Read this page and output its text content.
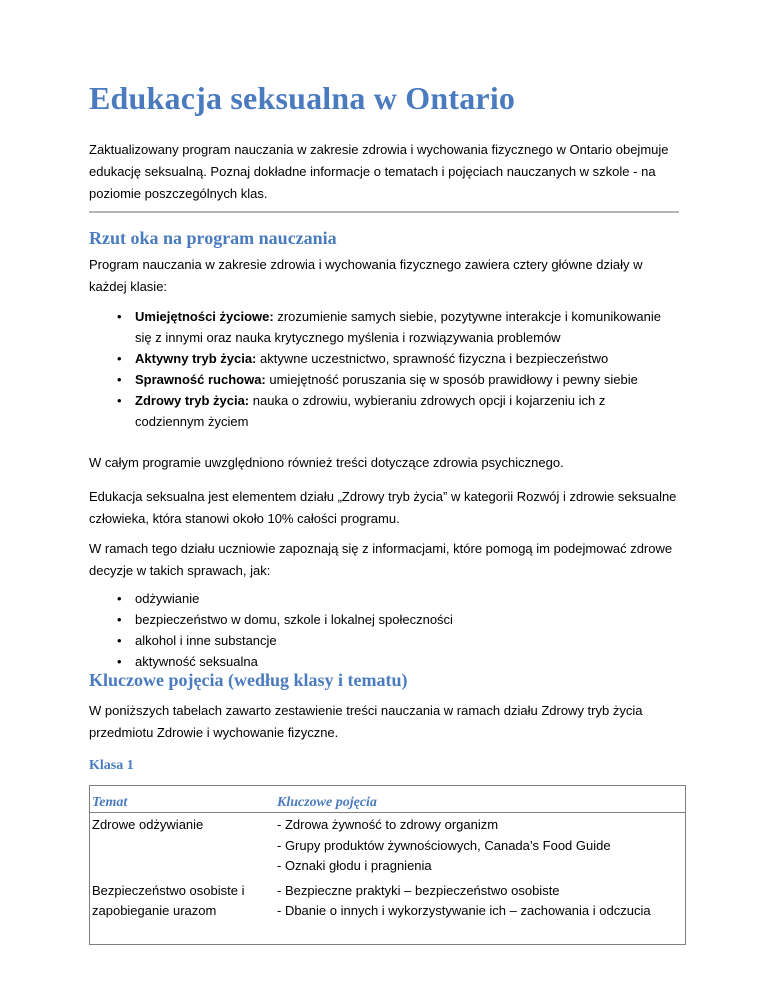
Edukacja seksualna w Ontario

Zaktualizowany program nauczania w zakresie zdrowia i wychowania fizycznego w Ontario obejmuje edukację seksualną. Poznaj dokładne informacje o tematach i pojęciach nauczanych w szkole - na poziomie poszczególnych klas.

Rzut oka na program nauczania

Program nauczania w zakresie zdrowia i wychowania fizycznego zawiera cztery główne działy w każdej klasie:

• Umiejętności życiowe: zrozumienie samych siebie, pozytywne interakcje i komunikowanie się z innymi oraz nauka krytycznego myślenia i rozwiązywania problemów
• Aktywny tryb życia: aktywne uczestnictwo, sprawność fizyczna i bezpieczeństwo
• Sprawność ruchowa: umiejętność poruszania się w sposób prawidłowy i pewny siebie
• Zdrowy tryb życia: nauka o zdrowiu, wybieraniu zdrowych opcji i kojarzeniu ich z codziennym życiem

W całym programie uwzględniono również treści dotyczące zdrowia psychicznego.

Edukacja seksualna jest elementem działu „Zdrowy tryb życia” w kategorii Rozwój i zdrowie seksualne człowieka, która stanowi około 10% całości programu.

W ramach tego działu uczniowie zapoznają się z informacjami, które pomogą im podejmować zdrowe decyzje w takich sprawach, jak:

• odżywianie
• bezpieczeństwo w domu, szkole i lokalnej społeczności
• alkohol i inne substancje
• aktywność seksualna
Kluczowe pojęcia (według klasy i tematu)

W poniższych tabelach zawarto zestawienie treści nauczania w ramach działu Zdrowy tryb życia przedmiotu Zdrowie i wychowanie fizyczne.

Klasa 1
Temat		Kluczowe pojęcia
Zdrowe odżywianie		- Zdrowa żywność to zdrowy organizm
- Grupy produktów żywnościowych, Canada’s Food Guide
- Oznaki głodu i pragnienia

Bezpieczeństwo osobiste i zapobieganie urazom		- Bezpieczne praktyki – bezpieczeństwo osobiste
- Dbanie o innych i wykorzystywanie ich – zachowania i odczucia
